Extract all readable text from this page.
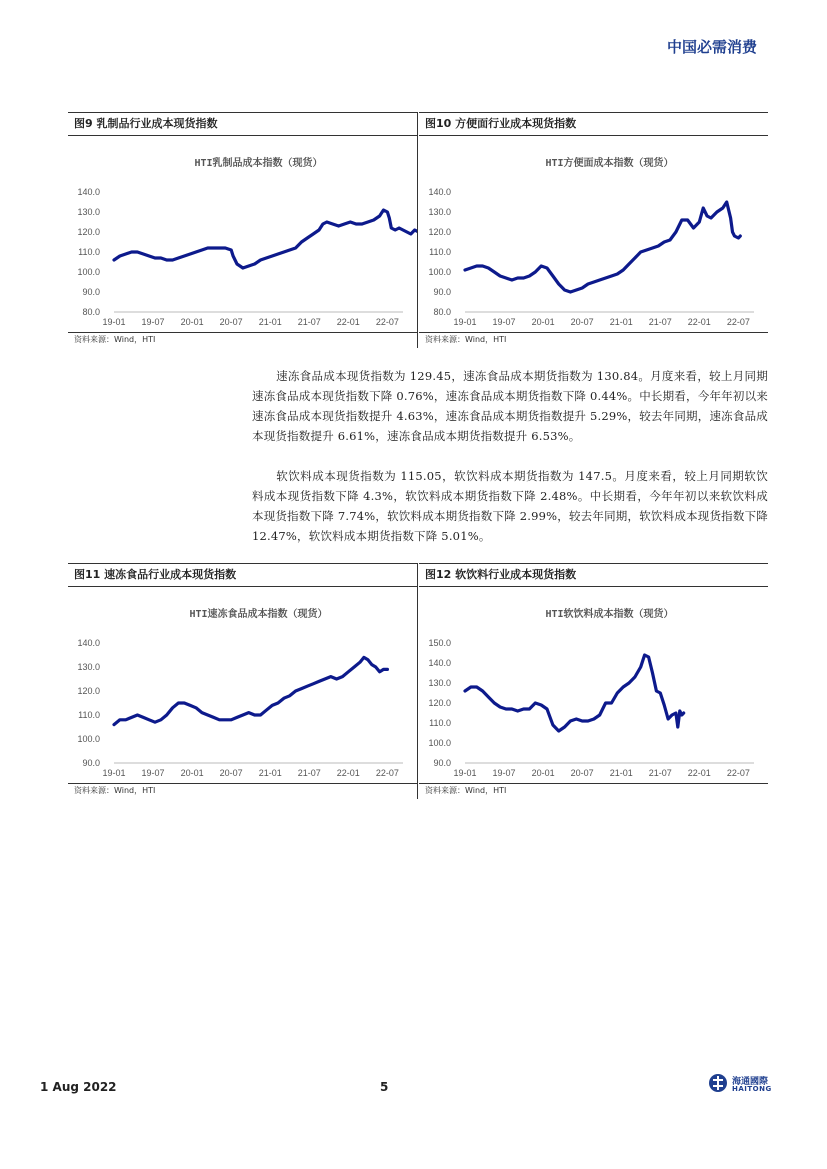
中国必需消费
图9 乳制品行业成本现货指数
HTI乳制品成本指数（现货）
140.0
130.0
120.0
110.0
100.0
90.0
80.0
19-01 19-07 20-01 20-07 21-01 21-07 22-01 22-07
资料来源：Wind，HTI
图10 方便面行业成本现货指数
HTI方便面成本指数（现货）
140.0
130.0
120.0
110.0
100.0
90.0
80.0
19-01 19-07 20-01 20-07 21-01 21-07 22-01 22-07
资料来源：Wind，HTI
速冻食品成本现货指数为 129.45，速冻食品成本期货指数为 130.84。月度来看，较上月同期速冻食品成本现货指数下降 0.76%，速冻食品成本期货指数下降 0.44%。中长期看，今年年初以来速冻食品成本现货指数提升 4.63%，速冻食品成本期货指数提升 5.29%，较去年同期，速冻食品成本现货指数提升 6.61%，速冻食品成本期货指数提升 6.53%。
软饮料成本现货指数为 115.05，软饮料成本期货指数为 147.5。月度来看，较上月同期软饮料成本现货指数下降 4.3%，软饮料成本期货指数下降 2.48%。中长期看，今年年初以来软饮料成本现货指数下降 7.74%，软饮料成本期货指数下降 2.99%，较去年同期，软饮料成本现货指数下降 12.47%，软饮料成本期货指数下降 5.01%。
图11 速冻食品行业成本现货指数
HTI速冻食品成本指数（现货）
140.0
130.0
120.0
110.0
100.0
90.0
19-01 19-07 20-01 20-07 21-01 21-07 22-01 22-07
资料来源：Wind，HTI
图12 软饮料行业成本现货指数
HTI软饮料成本指数（现货）
150.0
140.0
130.0
120.0
110.0
100.0
90.0
19-01 19-07 20-01 20-07 21-01 21-07 22-01 22-07
资料来源：Wind，HTI
1 Aug 2022	5	海通國際
HAITONG
